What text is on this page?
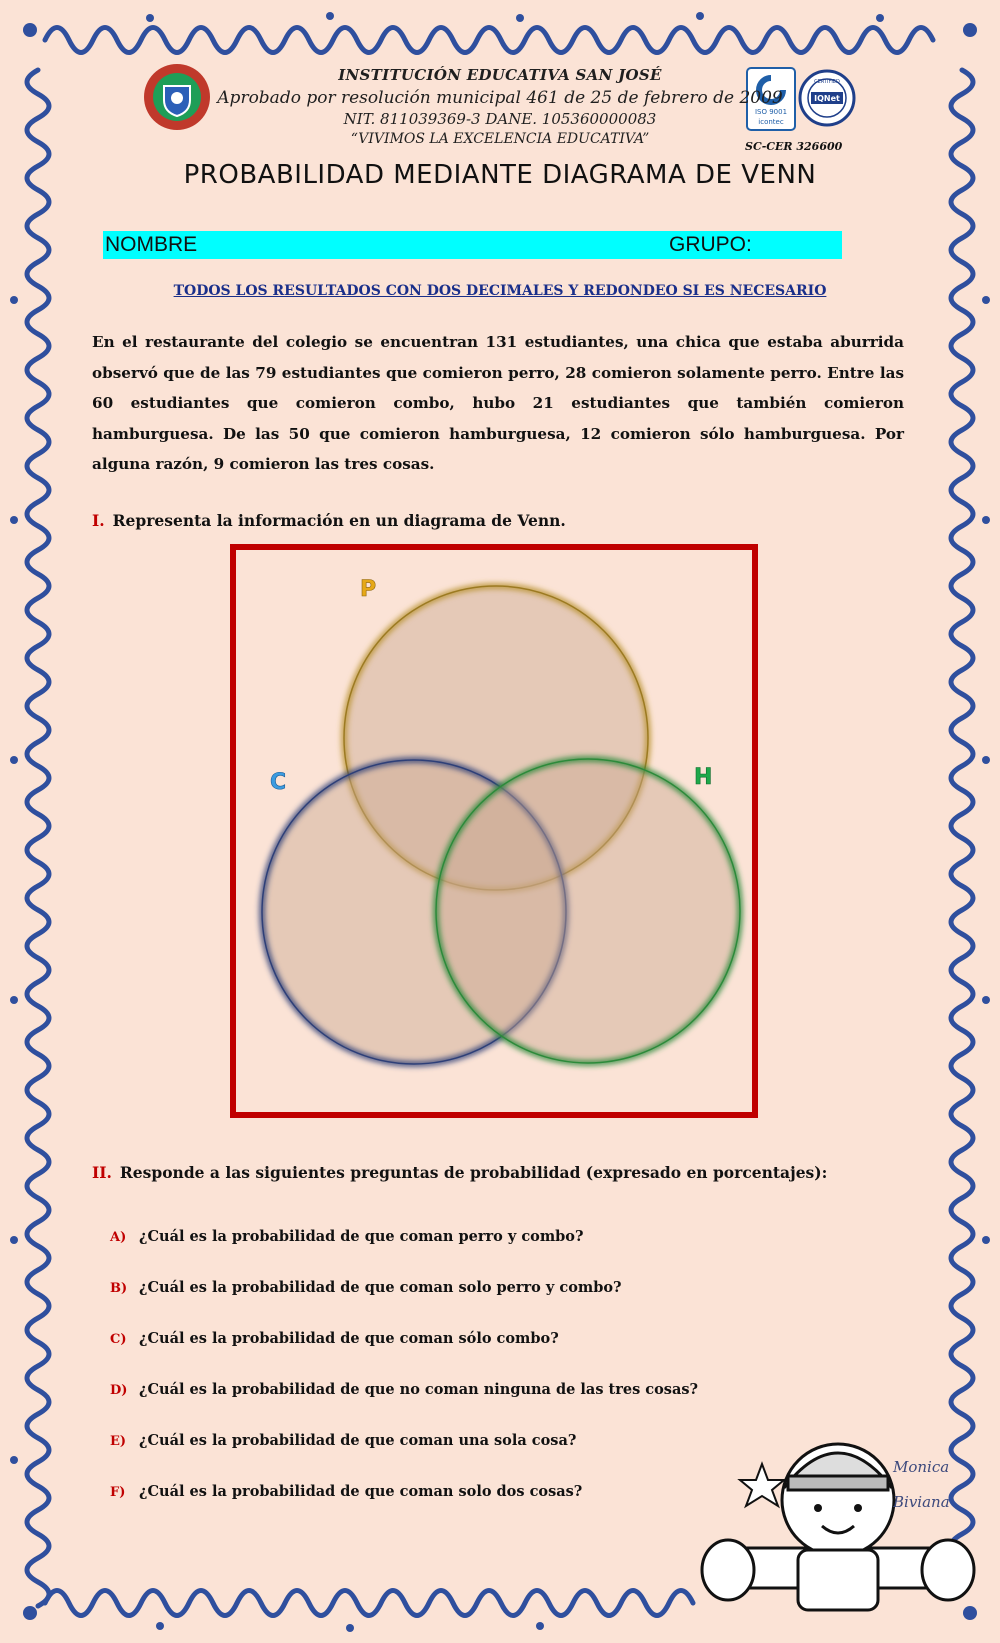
ISO 9001
icontec
IQNet
CERTIFIED
INSTITUCIÓN EDUCATIVA SAN JOSÉ
Aprobado por resolución municipal 461 de 25 de febrero de 2009
NIT. 811039369-3 DANE. 105360000083
“VIVIMOS LA EXCELENCIA EDUCATIVA”	SC-CER 326600
PROBABILIDAD MEDIANTE DIAGRAMA DE VENN
NOMBRE	GRUPO:
TODOS LOS RESULTADOS CON DOS DECIMALES Y REDONDEO SI ES NECESARIO
En el restaurante del colegio se encuentran 131 estudiantes, una chica que estaba aburrida observó que de las 79 estudiantes que comieron perro, 28 comieron solamente perro. Entre las 60 estudiantes que comieron combo, hubo 21 estudiantes que también comieron hamburguesa. De las 50 que comieron hamburguesa, 12 comieron sólo hamburguesa. Por alguna razón, 9 comieron las tres cosas.
I. Representa la información en un diagrama de Venn.
P
C	H
II. Responde a las siguientes preguntas de probabilidad (expresado en porcentajes):
A) ¿Cuál es la probabilidad de que coman perro y combo?
B) ¿Cuál es la probabilidad de que coman solo perro y combo?
C) ¿Cuál es la probabilidad de que coman sólo combo?
D) ¿Cuál es la probabilidad de que no coman ninguna de las tres cosas?
E) ¿Cuál es la probabilidad de que coman una sola cosa?
F) ¿Cuál es la probabilidad de que coman solo dos cosas?
Monica
Biviana
